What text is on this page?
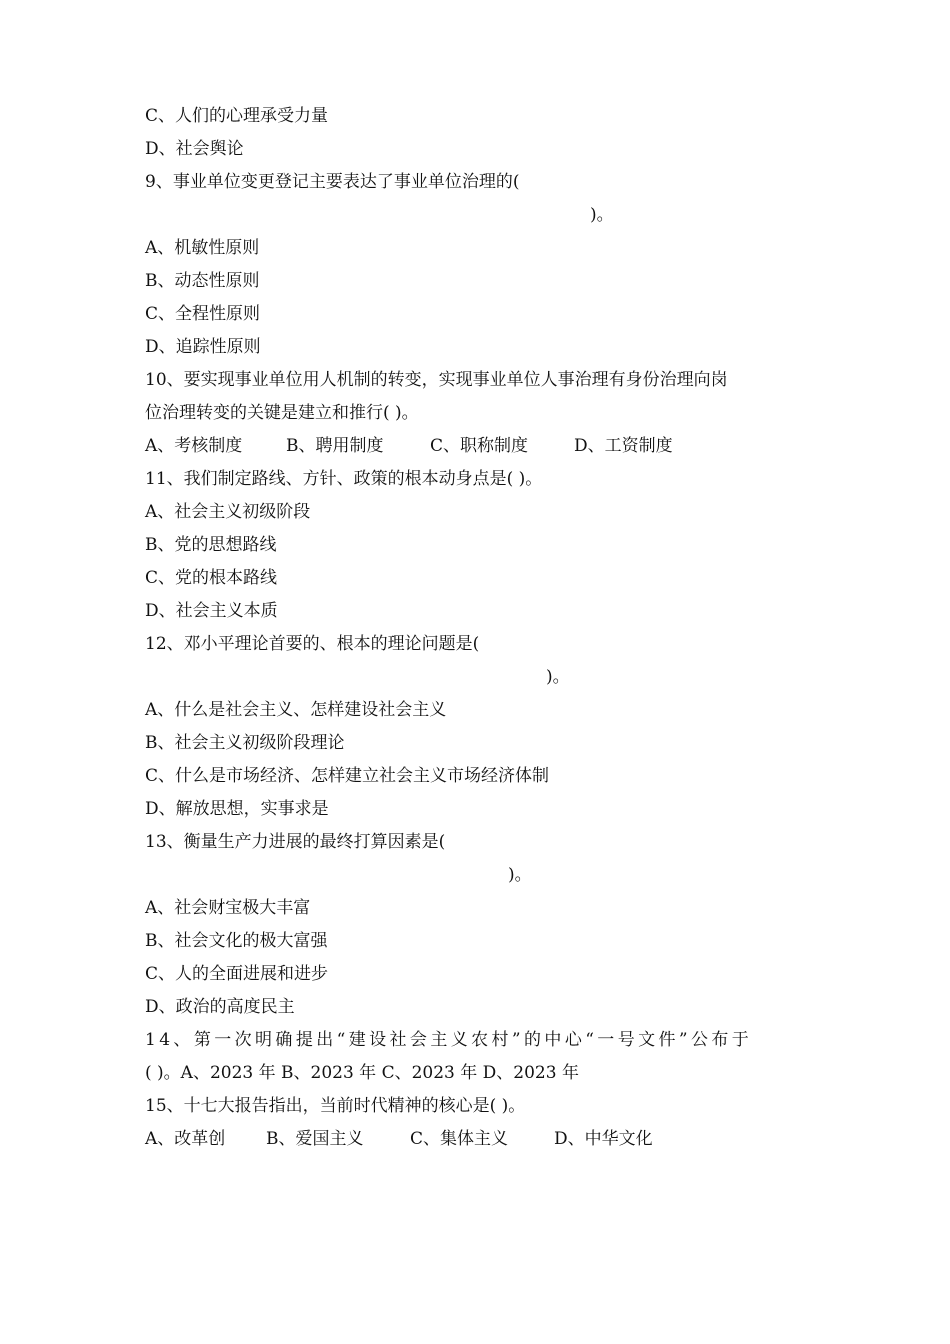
C、人们的心理承受力量
D、社会舆论
9、事业单位变更登记主要表达了事业单位治理的(
)。
A、机敏性原则
B、动态性原则
C、全程性原则
D、追踪性原则
10、要实现事业单位用人机制的转变，实现事业单位人事治理有身份治理向岗
位治理转变的关键是建立和推行( )。
A、考核制度	B、聘用制度	C、职称制度	D、工资制度
11、我们制定路线、方针、政策的根本动身点是( )。
A、社会主义初级阶段
B、党的思想路线
C、党的根本路线
D、社会主义本质
12、邓小平理论首要的、根本的理论问题是(
)。
A、什么是社会主义、怎样建设社会主义
B、社会主义初级阶段理论
C、什么是市场经济、怎样建立社会主义市场经济体制
D、解放思想，实事求是
13、衡量生产力进展的最终打算因素是(
)。
A、社会财宝极大丰富
B、社会文化的极大富强
C、人的全面进展和进步
D、政治的高度民主
14、第一次明确提出“建设社会主义农村”的中心“一号文件”公布于
( )。A、2023 年 B、2023 年 C、2023 年 D、2023 年
15、十七大报告指出，当前时代精神的核心是( )。
A、改革创 B、爱国主义	C、集体主义	D、中华文化
